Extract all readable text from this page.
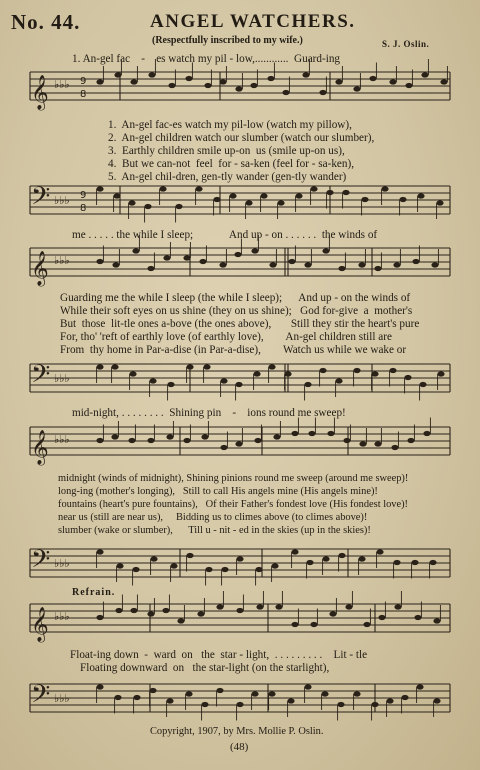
No. 44.	ANGEL WATCHERS.
(Respectfully inscribed to my wife.)	S. J. Oslin.
1. An-gel fac    -    es watch my pil - low,............  Guard-ing
𝄞 ♭♭♭ 9
8
1.  An-gel fac-es watch my pil-low (watch my pillow),
2.  An-gel children watch our slumber (watch our slumber),
3.  Earthly children smile up-on  us (smile up-on us),
4.  But we can-not  feel  for - sa-ken (feel for - sa-ken),
5.  An-gel chil-dren, gen-tly wander (gen-tly wander)
𝄢 ♭♭♭ 9
8
me . . . . . the while I sleep;             And up - on . . . . . .  the winds of
𝄞 ♭♭♭
Guarding me the while I sleep (the while I sleep);      And up - on the winds of
While their soft eyes on us shine (they on us shine);   God for-give  a  mother's
But  those  lit-tle ones a-bove (the ones above),       Still they stir the heart's pure
For, tho' 'reft of earthly love (of earthly love),        An-gel children still are
From  thy home in Par-a-dise (in Par-a-dise),        Watch us while we wake or
𝄢 ♭♭♭
mid-night, . . . . . . . .  Shining pin    -    ions round me sweep!
𝄞 ♭♭♭
midnight (winds of midnight), Shining pinions round me sweep (around me sweep)!
long-ing (mother's longing),   Still to call His angels mine (His angels mine)!
fountains (heart's pure fountains),   Of their Father's fondest love (His fondest love)!
near us (still are near us),     Bidding us to climes above (to climes above)!
slumber (wake or slumber),      Till u - nit - ed in the skies (up in the skies)!
𝄢 ♭♭♭
Refrain.
𝄞 ♭♭♭
Float-ing down  -  ward  on   the  star - light,  . . . . . . . . .    Lit - tle
Floating downward  on   the star-light (on the starlight),
𝄢 ♭♭♭
Copyright, 1907, by Mrs. Mollie P. Oslin.
(48)
